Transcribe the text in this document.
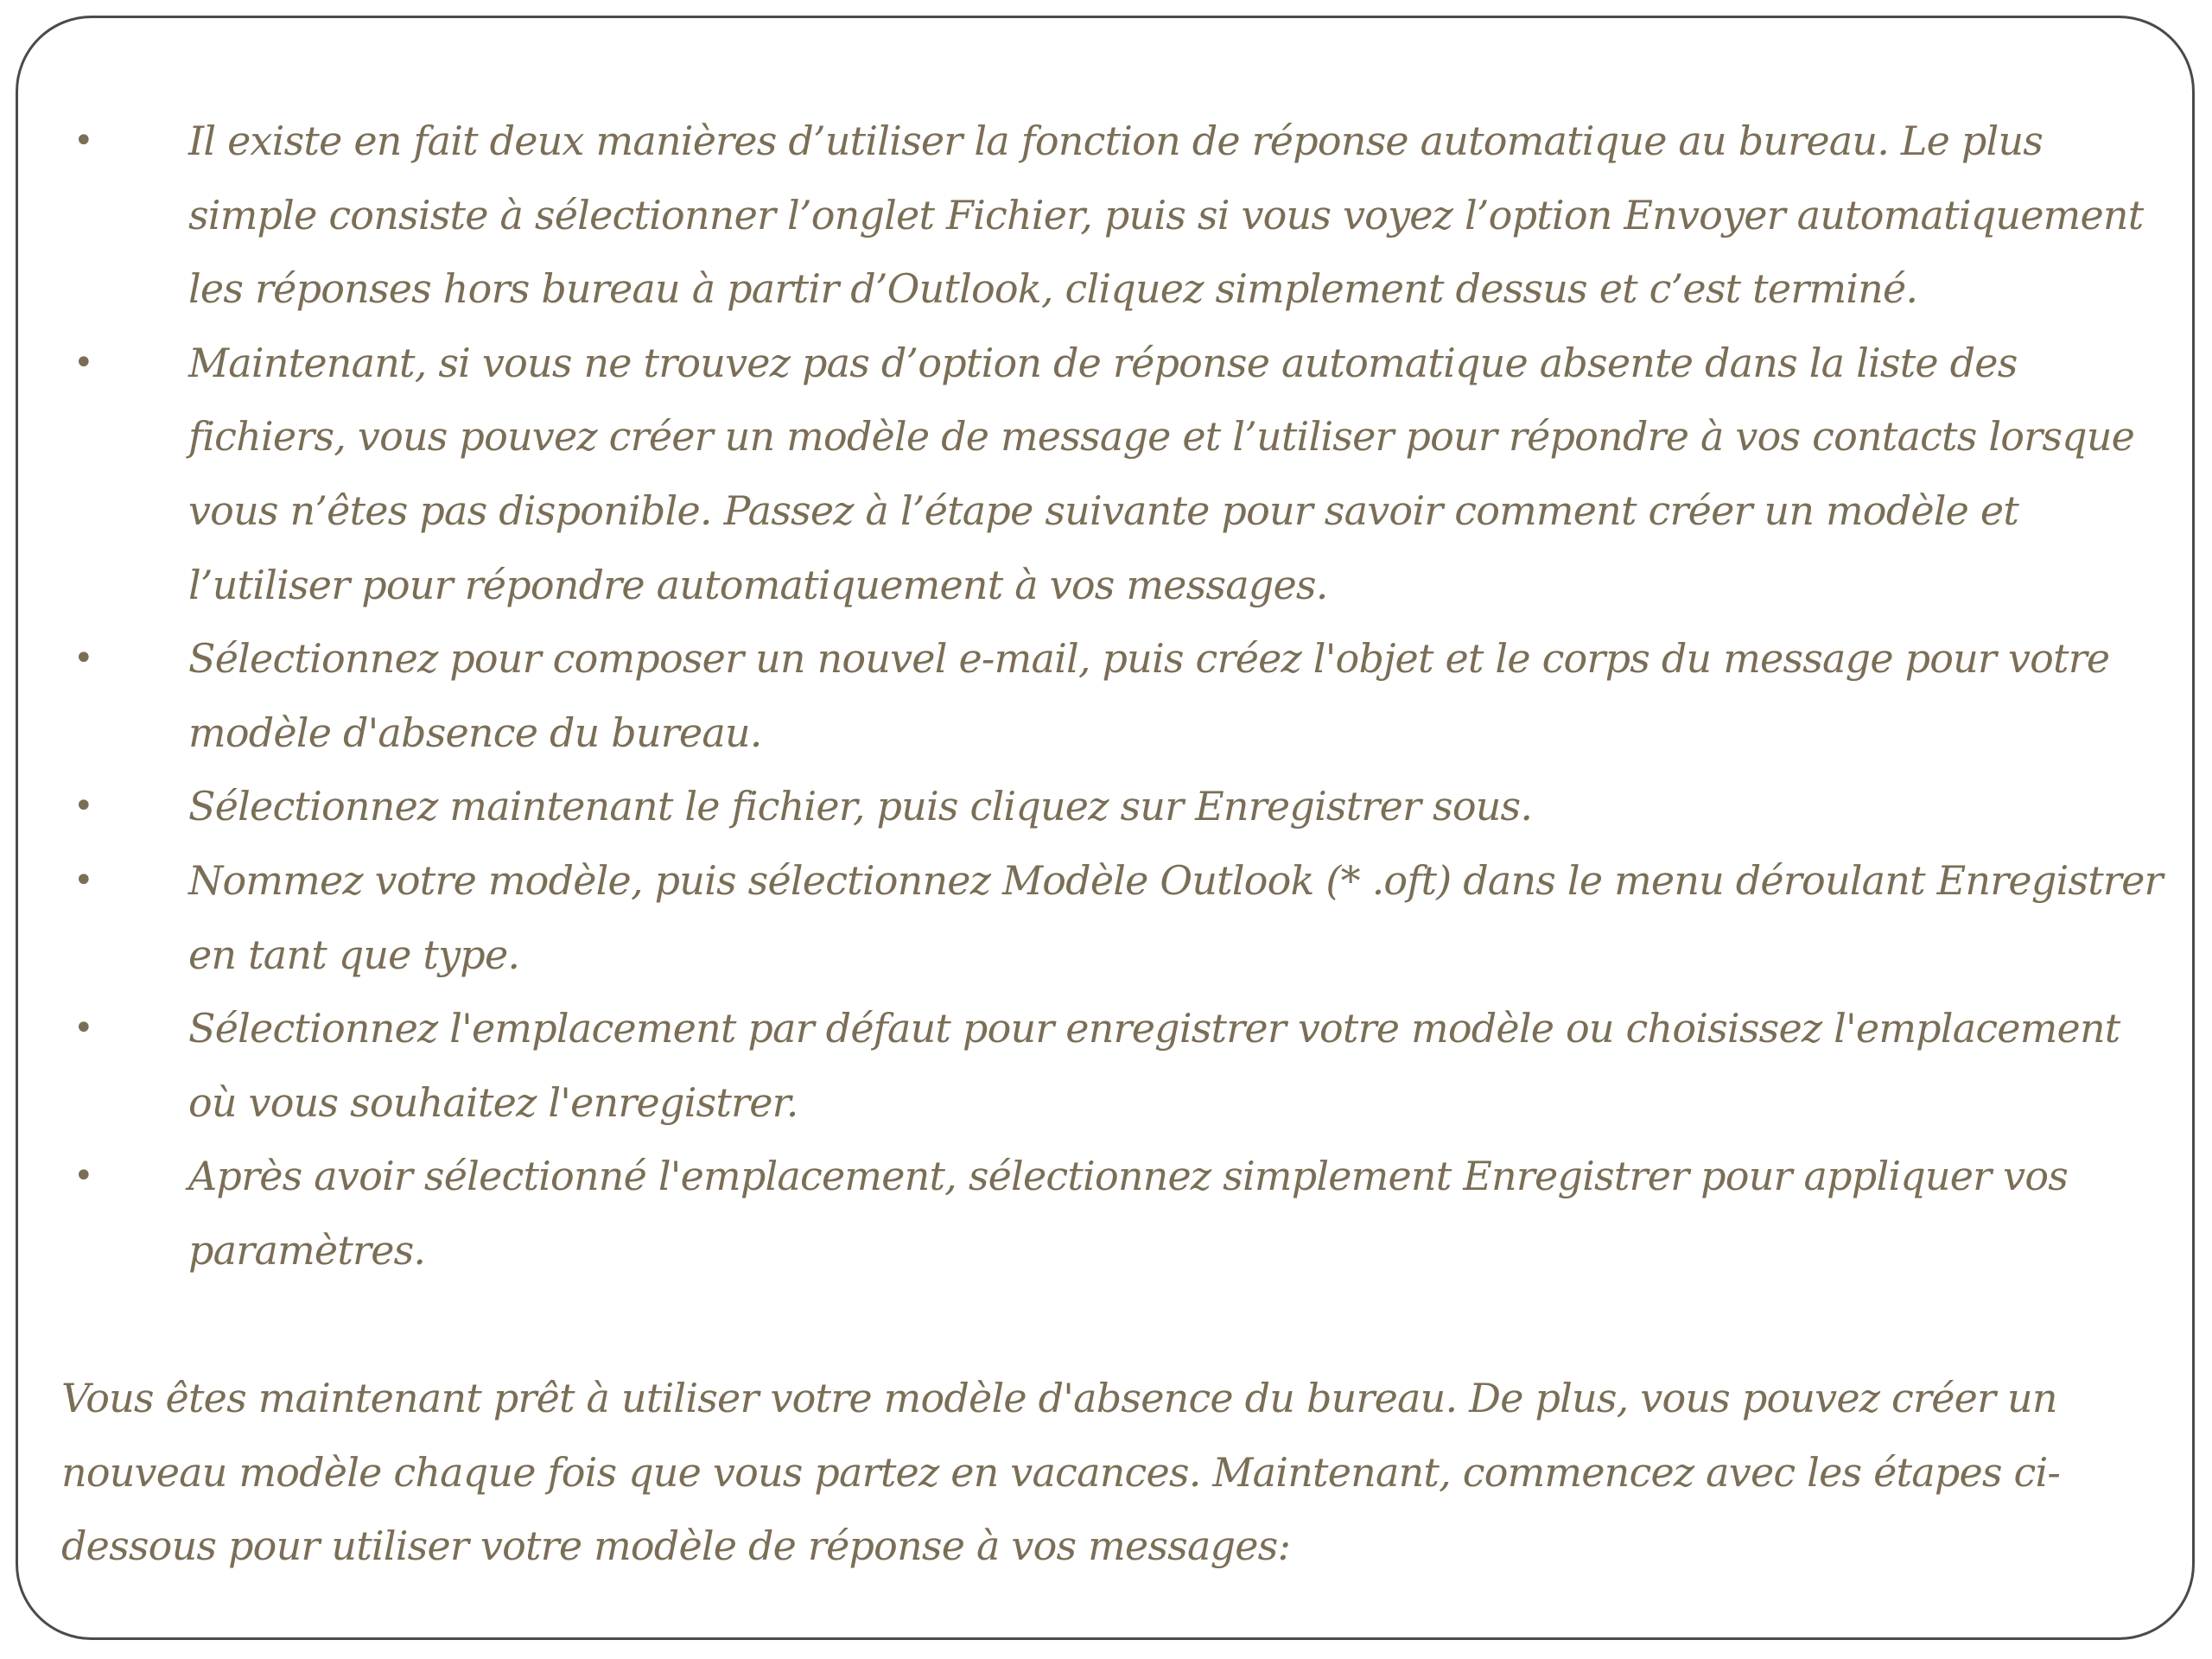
•	Il existe en fait deux manières d’utiliser la fonction de réponse automatique au bureau. Le plus simple consiste à sélectionner l’onglet Fichier, puis si vous voyez l’option Envoyer automatiquement les réponses hors bureau à partir d’Outlook, cliquez simplement dessus et c’est terminé.
•	Maintenant, si vous ne trouvez pas d’option de réponse automatique absente dans la liste des fichiers, vous pouvez créer un modèle de message et l’utiliser pour répondre à vos contacts lorsque vous n’êtes pas disponible. Passez à l’étape suivante pour savoir comment créer un modèle et l’utiliser pour répondre automatiquement à vos messages.
•	Sélectionnez pour composer un nouvel e-mail, puis créez l'objet et le corps du message pour votre modèle d'absence du bureau.
•	Sélectionnez maintenant le fichier, puis cliquez sur Enregistrer sous.
•	Nommez votre modèle, puis sélectionnez Modèle Outlook (* .oft) dans le menu déroulant Enregistrer en tant que type.
•	Sélectionnez l'emplacement par défaut pour enregistrer votre modèle ou choisissez l'emplacement où vous souhaitez l'enregistrer.
•	Après avoir sélectionné l'emplacement, sélectionnez simplement Enregistrer pour appliquer vos paramètres.

Vous êtes maintenant prêt à utiliser votre modèle d'absence du bureau. De plus, vous pouvez créer un nouveau modèle chaque fois que vous partez en vacances. Maintenant, commencez avec les étapes ci-dessous pour utiliser votre modèle de réponse à vos messages:
